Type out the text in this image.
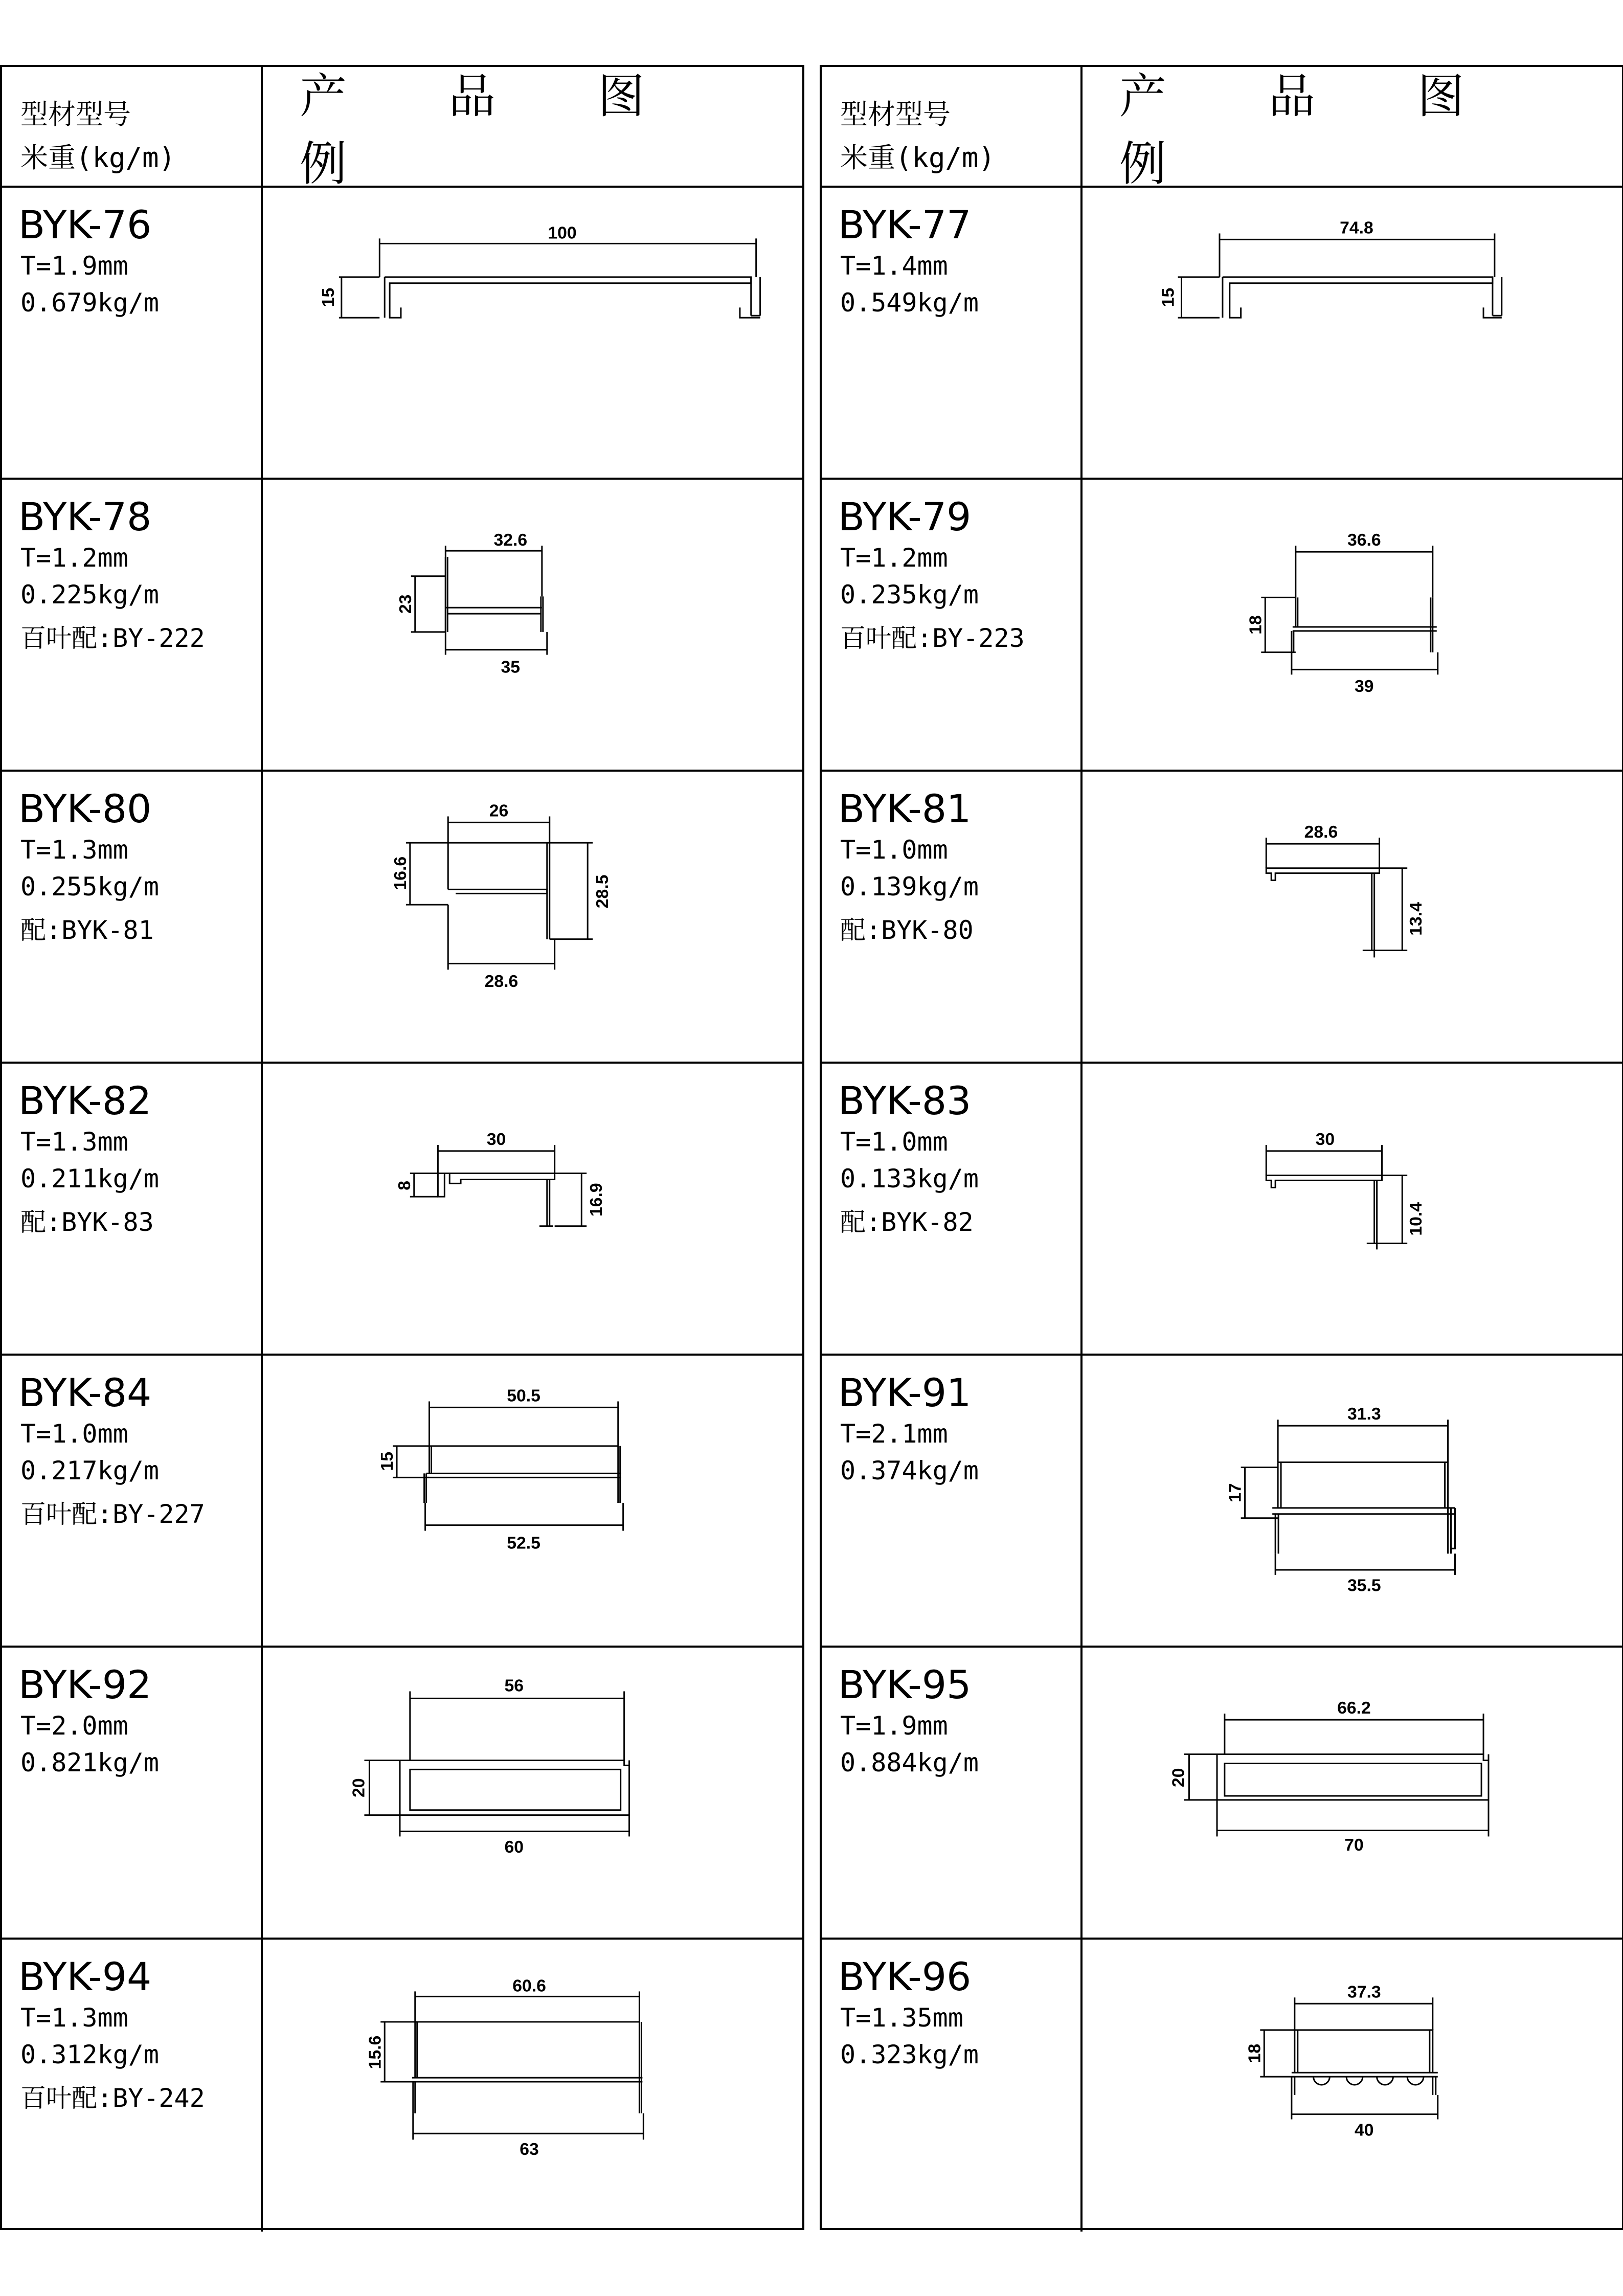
型材型号
米重(kg/m)
产 品 图 例
BYK-76
T=1.9mm
0.679kg/m
100
15
BYK-78
T=1.2mm
0.225kg/m
百叶配:BY-222
32.6
35
23
BYK-80
T=1.3mm
0.255kg/m
配:BYK-81
26
28.6
16.6
28.5
BYK-82
T=1.3mm
0.211kg/m
配:BYK-83
30
8	16.9
BYK-84
T=1.0mm
0.217kg/m
百叶配:BY-227
50.5
52.5
15
BYK-92
T=2.0mm
0.821kg/m
56
60
20
BYK-94
T=1.3mm
0.312kg/m
百叶配:BY-242
60.6
63
15.6
型材型号
米重(kg/m)
产 品 图 例
BYK-77
T=1.4mm
0.549kg/m
74.8
15
BYK-79
T=1.2mm
0.235kg/m
百叶配:BY-223
36.6
39
18
BYK-81
T=1.0mm
0.139kg/m
配:BYK-80
28.6
13.4
BYK-83
T=1.0mm
0.133kg/m
配:BYK-82
30
10.4
BYK-91
T=2.1mm
0.374kg/m
31.3
35.5
17
BYK-95
T=1.9mm
0.884kg/m
66.2
70
20
BYK-96
T=1.35mm
0.323kg/m
37.3
40
18
